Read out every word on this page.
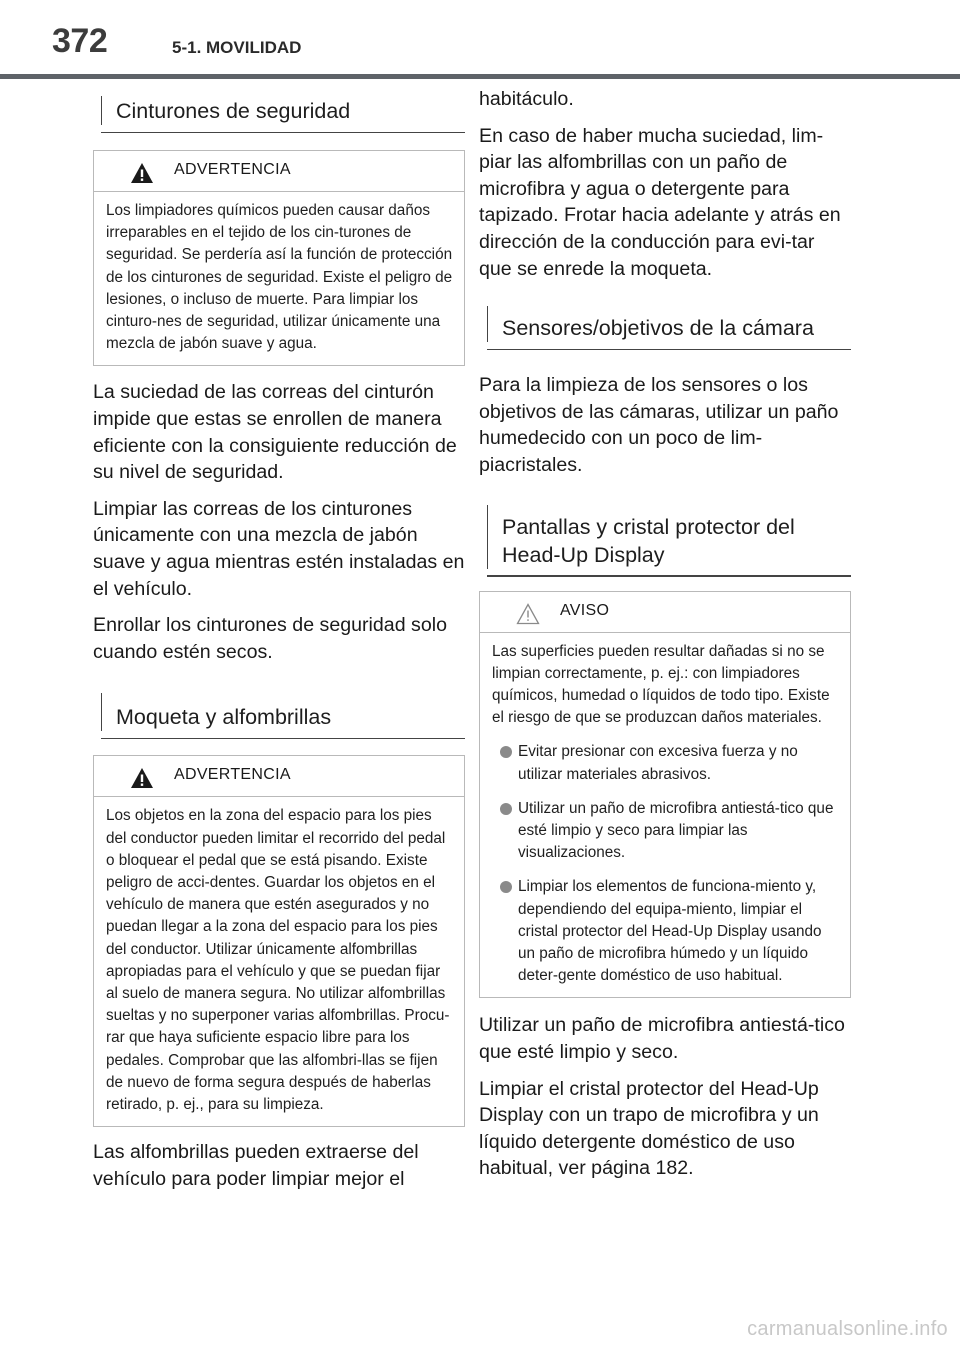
372	5-1. MOVILIDAD
Cinturones de seguridad
ADVERTENCIA

Los limpiadores químicos pueden causar daños irreparables en el tejido de los cin-turones de seguridad. Se perdería así la función de protección de los cinturones de seguridad. Existe el peligro de lesiones, o incluso de muerte. Para limpiar los cinturo-nes de seguridad, utilizar únicamente una mezcla de jabón suave y agua.

La suciedad de las correas del cinturón impide que estas se enrollen de manera eficiente con la consiguiente reducción de su nivel de seguridad.

Limpiar las correas de los cinturones únicamente con una mezcla de jabón suave y agua mientras estén instaladas en el vehículo.

Enrollar los cinturones de seguridad solo cuando estén secos.

Moqueta y alfombrillas
ADVERTENCIA

Los objetos en la zona del espacio para los pies del conductor pueden limitar el recorrido del pedal o bloquear el pedal que se está pisando. Existe peligro de acci-dentes. Guardar los objetos en el vehículo de manera que estén asegurados y no puedan llegar a la zona del espacio para los pies del conductor. Utilizar únicamente alfombrillas apropiadas para el vehículo y que se puedan fijar al suelo de manera segura. No utilizar alfombrillas sueltas y no superponer varias alfombrillas. Procu-rar que haya suficiente espacio libre para los pedales. Comprobar que las alfombri-llas se fijen de nuevo de forma segura después de haberlas retirado, p. ej., para su limpieza.

Las alfombrillas pueden extraerse del vehículo para poder limpiar mejor el

habitáculo.

En caso de haber mucha suciedad, lim-piar las alfombrillas con un paño de microfibra y agua o detergente para tapizado. Frotar hacia adelante y atrás en dirección de la conducción para evi-tar que se enrede la moqueta.

Sensores/objetivos de la cámara

Para la limpieza de los sensores o los objetivos de las cámaras, utilizar un paño humedecido con un poco de lim-piacristales.

Pantallas y cristal protector del Head-Up Display
AVISO

Las superficies pueden resultar dañadas si no se limpian correctamente, p. ej.: con limpiadores químicos, humedad o líquidos de todo tipo. Existe el riesgo de que se produzcan daños materiales.

Evitar presionar con excesiva fuerza y no utilizar materiales abrasivos.

Utilizar un paño de microfibra antiestá-tico que esté limpio y seco para limpiar las visualizaciones.

Limpiar los elementos de funciona-miento y, dependiendo del equipa-miento, limpiar el cristal protector del Head-Up Display usando un paño de microfibra húmedo y un líquido deter-gente doméstico de uso habitual.

Utilizar un paño de microfibra antiestá-tico que esté limpio y seco.

Limpiar el cristal protector del Head-Up Display con un trapo de microfibra y un líquido detergente doméstico de uso habitual, ver página 182.

carmanualsonline.info
